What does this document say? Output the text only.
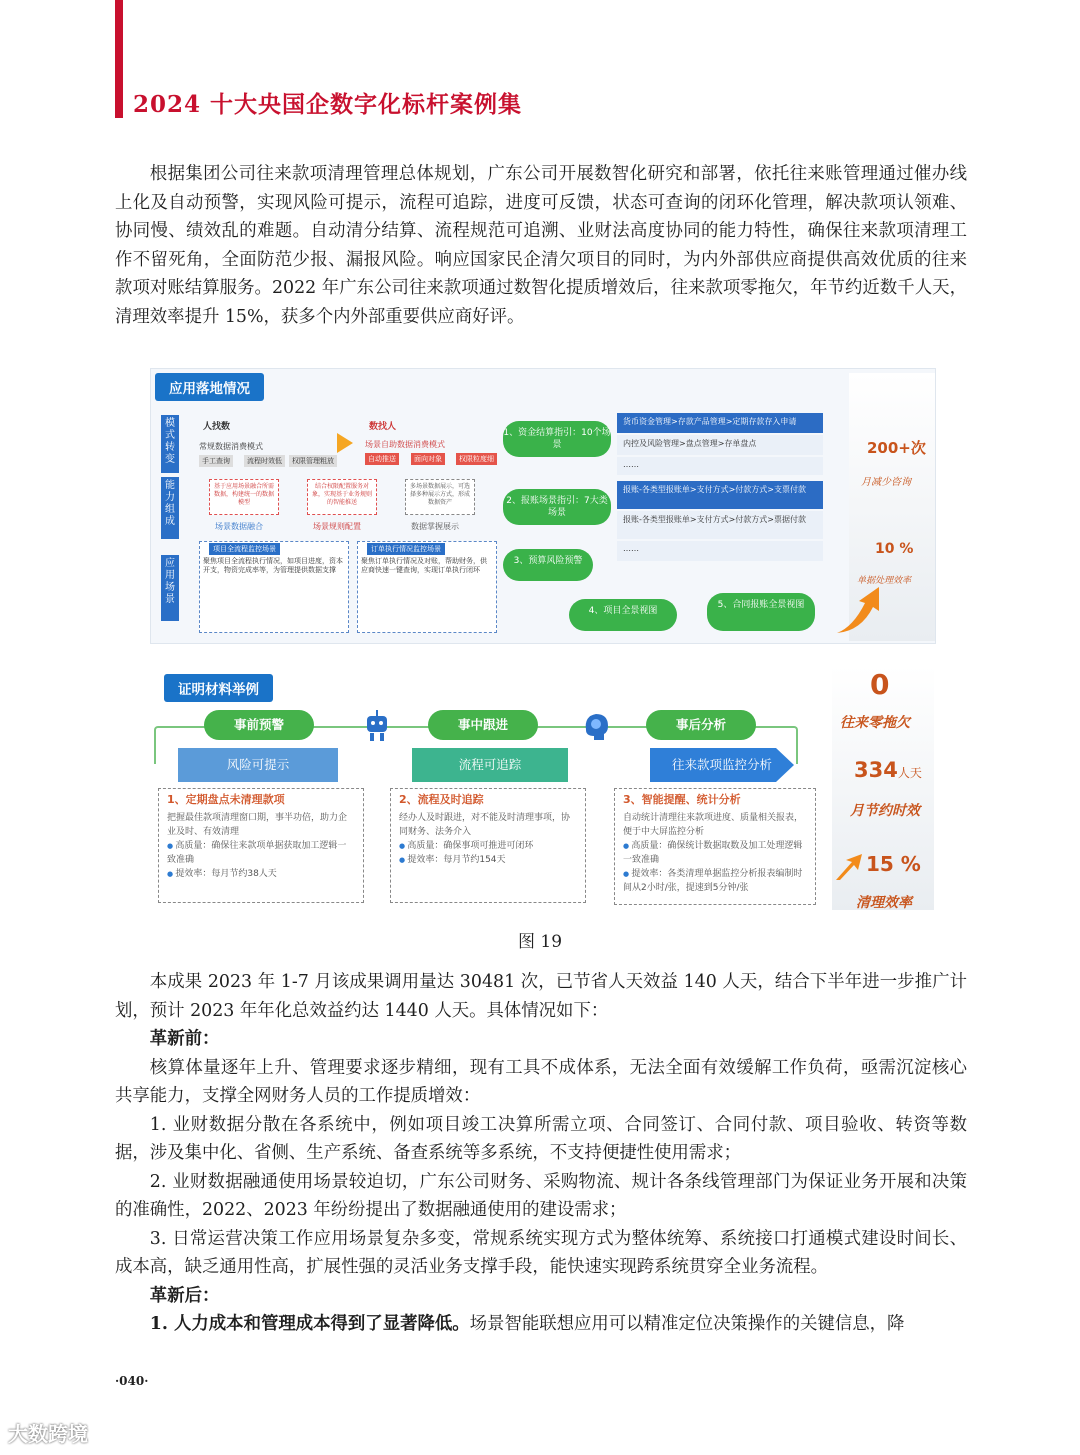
2024 十大央国企数字化标杆案例集

根据集团公司往来款项清理管理总体规划，广东公司开展数智化研究和部署，依托往来账管理通过催办线上化及自动预警，实现风险可提示，流程可追踪，进度可反馈，状态可查询的闭环化管理，解决款项认领难、协同慢、绩效乱的难题。自动清分结算、流程规范可追溯、业财法高度协同的能力特性，确保往来款项清理工作不留死角，全面防范少报、漏报风险。响应国家民企清欠项目的同时，为内外部供应商提供高效优质的往来款项对账结算服务。2022 年广东公司往来款项通过数智化提质增效后，往来款项零拖欠，年节约近数千人天，清理效率提升 15%，获多个内外部重要供应商好评。

应用落地情况
模式转变
能力组成
应用场景
人找数
常规数据消费模式
手工查询	流程时效低	权限管理粗放
数找人
场景自助数据消费模式
自动推送	面向对象	权限粒度细
基于应用场景融合所需数据，构建统一的数据模型
场景数据融合
结合权限配置服务对象，实现基于业务规则的智能推送
场景规则配置
多场景数据展示，可选择多种展示方式，形成数据资产
数据掌握展示
项目全流程监控场景
聚焦项目全流程执行情况，如项目进度，资本开支，物资完成率等，为管理提供数据支撑
订单执行情况监控场景
聚焦订单执行情况及对账，帮助财务，供应商快速一键查询，实现订单执行闭环
1、资金结算指引：10个场景
2、报账场景指引：7大类场景
3、预算风险预警
4、项目全景视图
5、合同报账全景视图
货币资金管理>存款产品管理>定期存款存入申请
内控及风险管理>盘点管理>存单盘点
……
报账-各类型报账单>支付方式>付款方式>支票付款
报账-各类型报账单>支付方式>付款方式>票据付款
……
200+次
月减少咨询
10 %
单据处理效率
证明材料举例
事前预警	事中跟进	事后分析
风险可提示	流程可追踪	往来款项监控分析
1、定期盘点未清理款项
把握最佳款项清理窗口期，事半功倍，助力企业及时、有效清理
● 高质量：确保往来款项单据获取加工逻辑一致准确
● 提效率：每月节约38人天
2、流程及时追踪
经办人及时跟进，对不能及时清理事项，协同财务、法务介入
● 高质量：确保事项可推进可闭环
● 提效率：每月节约154天
3、智能提醒、统计分析
自动统计清理往来款项进度、质量相关报表，便于中大屏监控分析
● 高质量：确保统计数据取数及加工处理逻辑一致准确
● 提效率：各类清理单据监控分析报表编制时间从2小时/张，提速到5分钟/张
0
往来零拖欠
334人天
月节约时效
15 %
清理效率
图 19

本成果 2023 年 1-7 月该成果调用量达 30481 次，已节省人天效益 140 人天，结合下半年进一步推广计划，预计 2023 年年化总效益约达 1440 人天。具体情况如下：

革新前：

核算体量逐年上升、管理要求逐步精细，现有工具不成体系，无法全面有效缓解工作负荷，亟需沉淀核心共享能力，支撑全网财务人员的工作提质增效：

1. 业财数据分散在各系统中，例如项目竣工决算所需立项、合同签订、合同付款、项目验收、转资等数据，涉及集中化、省侧、生产系统、备查系统等多系统，不支持便捷性使用需求；

2. 业财数据融通使用场景较迫切，广东公司财务、采购物流、规计各条线管理部门为保证业务开展和决策的准确性，2022、2023 年纷纷提出了数据融通使用的建设需求；

3. 日常运营决策工作应用场景复杂多变，常规系统实现方式为整体统筹、系统接口打通模式建设时间长、成本高，缺乏通用性高，扩展性强的灵活业务支撑手段，能快速实现跨系统贯穿全业务流程。

革新后：

1. 人力成本和管理成本得到了显著降低。场景智能联想应用可以精准定位决策操作的关键信息，降

·040·
大数跨境
